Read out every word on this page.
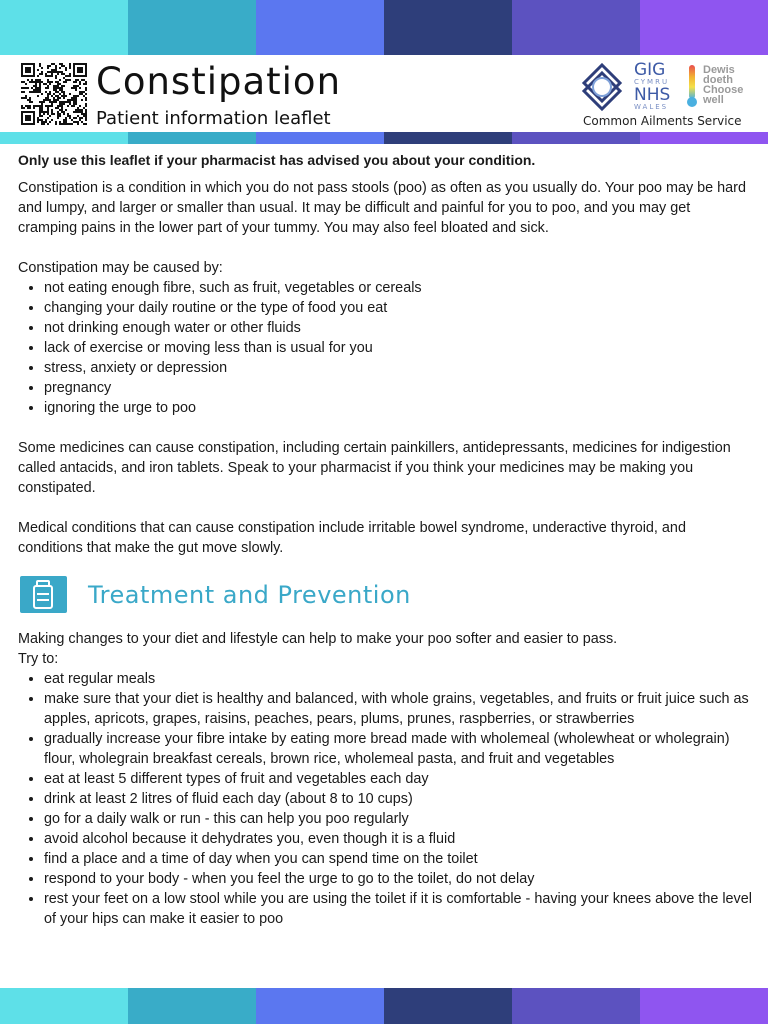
Constipation
Patient information leaflet
GIG
CYMRU
NHS
WALES
Dewis
doeth
Choose
well
Common Ailments Service

Only use this leaflet if your pharmacist has advised you about your condition.

Constipation is a condition in which you do not pass stools (poo) as often as you usually do. Your poo may be hard and lumpy, and larger or smaller than usual. It may be difficult and painful for you to poo, and you may get cramping pains in the lower part of your tummy. You may also feel bloated and sick.

Constipation may be caused by:

• not eating enough fibre, such as fruit, vegetables or cereals
• changing your daily routine or the type of food you eat
• not drinking enough water or other fluids
• lack of exercise or moving less than is usual for you
• stress, anxiety or depression
• pregnancy
• ignoring the urge to poo

Some medicines can cause constipation, including certain painkillers, antidepressants, medicines for indigestion called antacids, and iron tablets. Speak to your pharmacist if you think your medicines may be making you constipated.

Medical conditions that can cause constipation include irritable bowel syndrome, underactive thyroid, and conditions that make the gut move slowly.

Treatment and Prevention

Making changes to your diet and lifestyle can help to make your poo softer and easier to pass.

Try to:

• eat regular meals
• make sure that your diet is healthy and balanced, with whole grains, vegetables, and fruits or fruit juice such as apples, apricots, grapes, raisins, peaches, pears, plums, prunes, raspberries, or strawberries
• gradually increase your fibre intake by eating more bread made with wholemeal (wholewheat or wholegrain) flour, wholegrain breakfast cereals, brown rice, wholemeal pasta, and fruit and vegetables
• eat at least 5 different types of fruit and vegetables each day
• drink at least 2 litres of fluid each day (about 8 to 10 cups)
• go for a daily walk or run - this can help you poo regularly
• avoid alcohol because it dehydrates you, even though it is a fluid
• find a place and a time of day when you can spend time on the toilet
• respond to your body - when you feel the urge to go to the toilet, do not delay
• rest your feet on a low stool while you are using the toilet if it is comfortable - having your knees above the level of your hips can make it easier to poo
